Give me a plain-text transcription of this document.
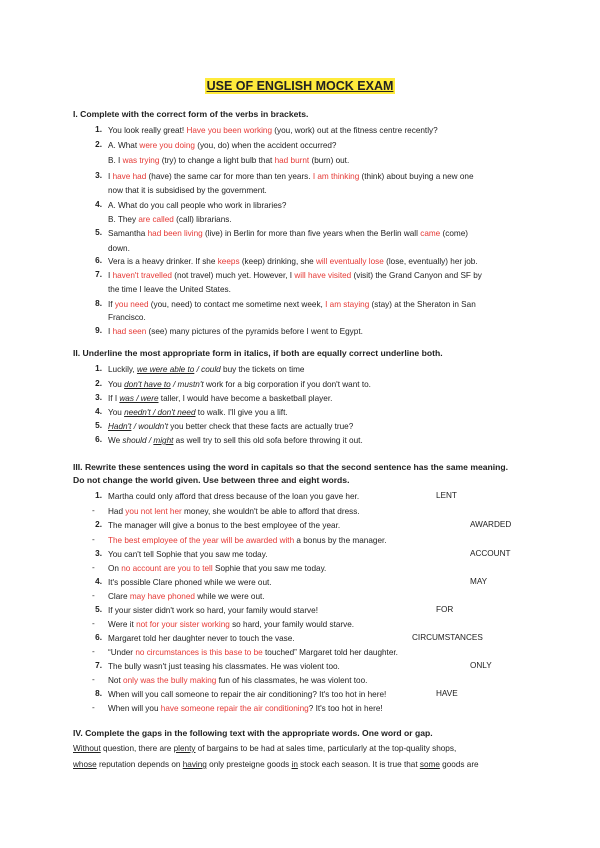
USE OF ENGLISH MOCK EXAM
I. Complete with the correct form of the verbs in brackets.
1. You look really great! Have you been working (you, work) out at the fitness centre recently?
2. A. What were you doing (you, do) when the accident occurred?
B. I was trying (try) to change a light bulb that had burnt (burn) out.
3. I have had (have) the same car for more than ten years. I am thinking (think) about buying a new one
now that it is subsidised by the government.
4. A. What do you call people who work in libraries?
B. They are called (call) librarians.
5. Samantha had been living (live) in Berlin for more than five years when the Berlin wall came (come)
down.
6. Vera is a heavy drinker. If she keeps (keep) drinking, she will eventually lose (lose, eventually) her job.
7. I haven't travelled (not travel) much yet. However, I will have visited (visit) the Grand Canyon and SF by
the time I leave the United States.
8. If you need (you, need) to contact me sometime next week, I am staying (stay) at the Sheraton in San
Francisco.
9. I had seen (see) many pictures of the pyramids before I went to Egypt.
II. Underline the most appropriate form in italics, if both are equally correct underline both.
1. Luckily, we were able to / could buy the tickets on time
2. You don't have to / mustn't work for a big corporation if you don't want to.
3. If I was / were taller, I would have become a basketball player.
4. You needn't / don't need to walk. I'll give you a lift.
5. Hadn't / wouldn't you better check that these facts are actually true?
6. We should / might as well try to sell this old sofa before throwing it out.
III. Rewrite these sentences using the word in capitals so that the second sentence has the same meaning.
Do not change the world given. Use between three and eight words.
1. Martha could only afford that dress because of the loan you gave her.	LENT
- Had you not lent her money, she wouldn't be able to afford that dress.
2. The manager will give a bonus to the best employee of the year.	AWARDED
- The best employee of the year will be awarded with a bonus by the manager.
3. You can't tell Sophie that you saw me today.	ACCOUNT
- On no account are you to tell Sophie that you saw me today.
4. It's possible Clare phoned while we were out.	MAY
- Clare may have phoned while we were out.
5. If your sister didn't work so hard, your family would starve!	FOR
- Were it not for your sister working so hard, your family would starve.
6. Margaret told her daughter never to touch the vase.	CIRCUMSTANCES
- “Under no circumstances is this base to be touched” Margaret told her daughter.
7. The bully wasn't just teasing his classmates. He was violent too.	ONLY
- Not only was the bully making fun of his classmates, he was violent too.
8. When will you call someone to repair the air conditioning? It's too hot in here!	HAVE
- When will you have someone repair the air conditioning? It's too hot in here!
IV. Complete the gaps in the following text with the appropriate words. One word or gap.
Without question, there are plenty of bargains to be had at sales time, particularly at the top-quality shops,
whose reputation depends on having only presteigne goods in stock each season. It is true that some goods are
